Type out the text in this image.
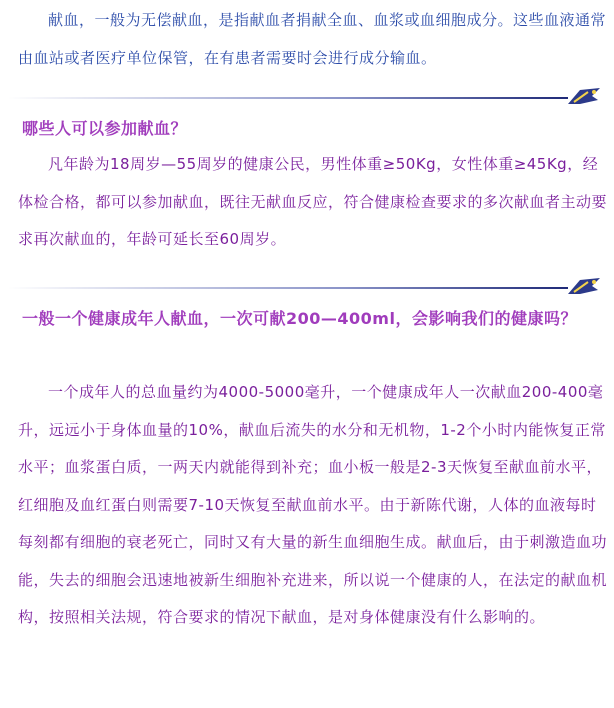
献血，一般为无偿献血，是指献血者捐献全血、血浆或血细胞成分。这些血液通常由血站或者医疗单位保管，在有患者需要时会进行成分输血。
哪些人可以参加献血？
凡年龄为18周岁—55周岁的健康公民，男性体重≥50Kg，女性体重≥45Kg，经体检合格，都可以参加献血，既往无献血反应，符合健康检查要求的多次献血者主动要求再次献血的，年龄可延长至60周岁。
一般一个健康成年人献血，一次可献200—400ml，会影响我们的健康吗？
一个成年人的总血量约为4000-5000毫升，一个健康成年人一次献血200-400毫升，远远小于身体血量的10%，献血后流失的水分和无机物，1-2个小时内能恢复正常水平；血浆蛋白质，一两天内就能得到补充；血小板一般是2-3天恢复至献血前水平，红细胞及血红蛋白则需要7-10天恢复至献血前水平。由于新陈代谢，人体的血液每时每刻都有细胞的衰老死亡，同时又有大量的新生血细胞生成。献血后，由于刺激造血功能，失去的细胞会迅速地被新生细胞补充进来，所以说一个健康的人，在法定的献血机构，按照相关法规，符合要求的情况下献血，是对身体健康没有什么影响的。
